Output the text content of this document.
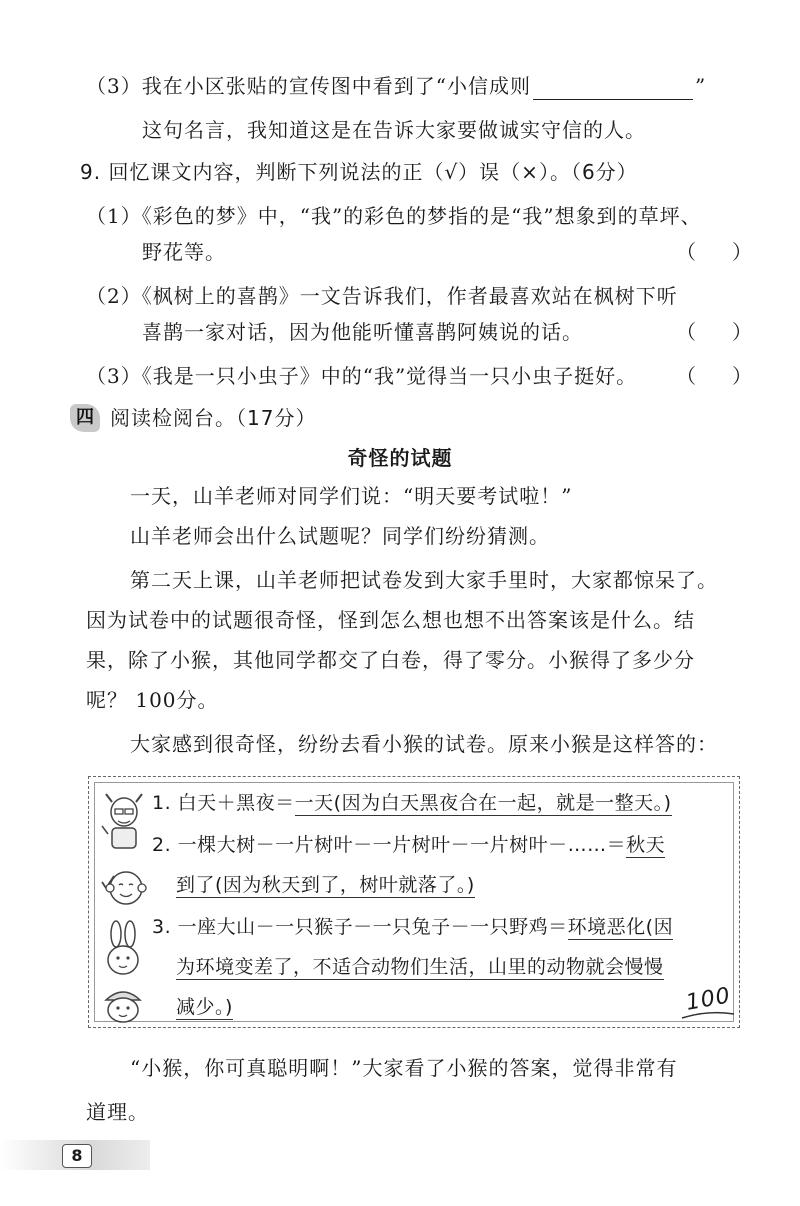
（3）我在小区张贴的宣传图中看到了“小信成则	”
这句名言，我知道这是在告诉大家要做诚实守信的人。
9. 回忆课文内容，判断下列说法的正（√）误（×）。（6分）
（1）《彩色的梦》中，“我”的彩色的梦指的是“我”想象到的草坪、
野花等。	（ ）
（2）《枫树上的喜鹊》一文告诉我们，作者最喜欢站在枫树下听
喜鹊一家对话，因为他能听懂喜鹊阿姨说的话。	（ ）
（3）《我是一只小虫子》中的“我”觉得当一只小虫子挺好。 （ ）
四 阅读检阅台。（17分）
奇怪的试题
一天，山羊老师对同学们说：“明天要考试啦！”
山羊老师会出什么试题呢？同学们纷纷猜测。
第二天上课，山羊老师把试卷发到大家手里时，大家都惊呆了。
因为试卷中的试题很奇怪，怪到怎么想也想不出答案该是什么。结
果，除了小猴，其他同学都交了白卷，得了零分。小猴得了多少分
呢？ 100分。
大家感到很奇怪，纷纷去看小猴的试卷。原来小猴是这样答的：
1. 白天＋黑夜＝一天(因为白天黑夜合在一起，就是一整天。)
2. 一棵大树－一片树叶－一片树叶－一片树叶－……＝秋天
到了(因为秋天到了，树叶就落了。)
3. 一座大山－一只猴子－一只兔子－一只野鸡＝环境恶化(因
为环境变差了，不适合动物们生活，山里的动物就会慢慢
减少。)	100
“小猴，你可真聪明啊！”大家看了小猴的答案，觉得非常有
道理。
8
